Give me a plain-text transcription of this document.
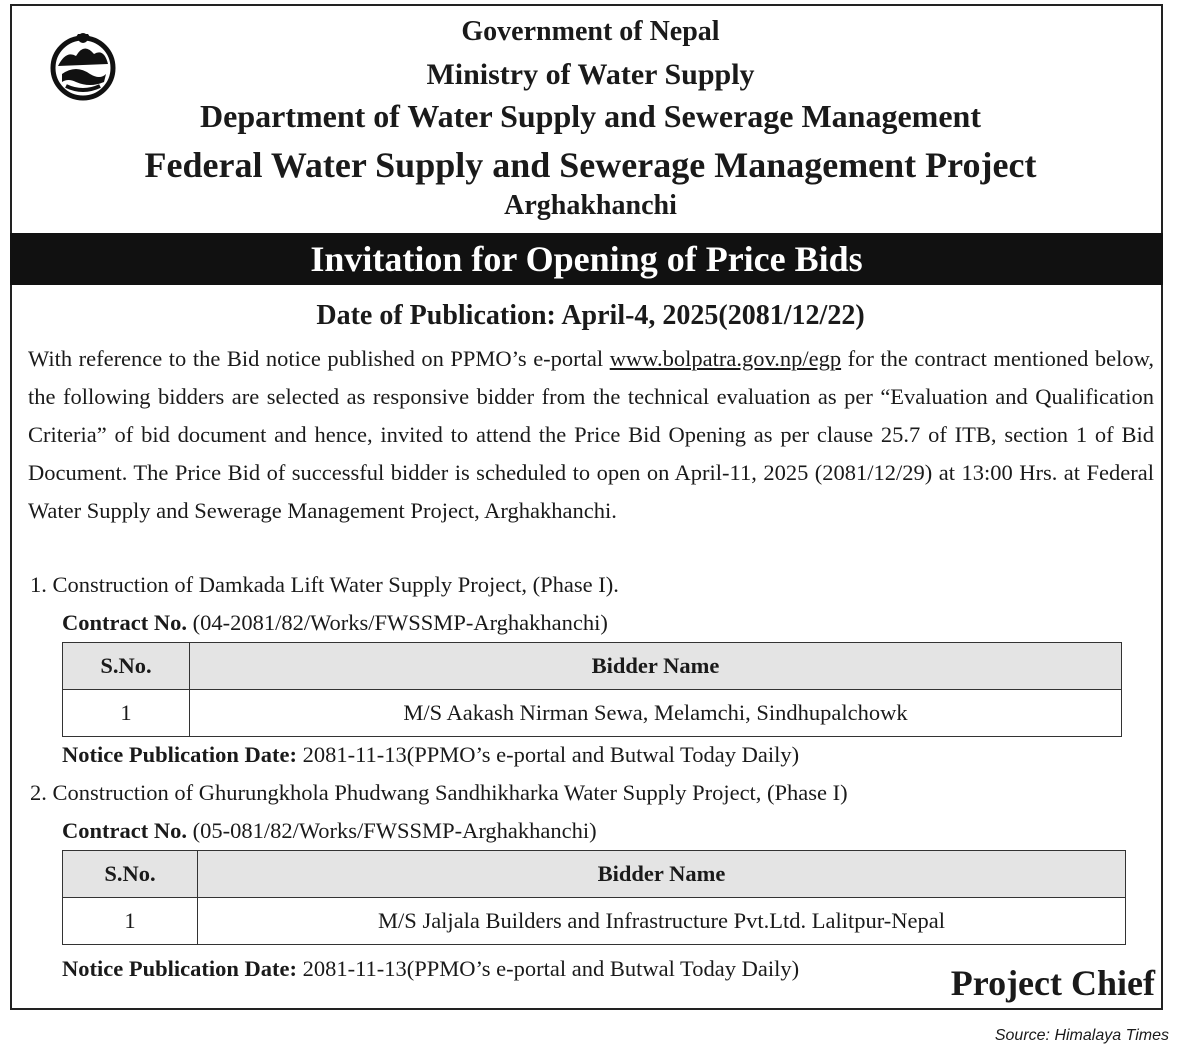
Government of Nepal
Ministry of Water Supply
Department of Water Supply and Sewerage Management
Federal Water Supply and Sewerage Management Project
Arghakhanchi
Invitation for Opening of Price Bids
Date of Publication: April-4, 2025(2081/12/22)
With reference to the Bid notice published on PPMO’s e-portal www.bolpatra.gov.np/egp for the contract mentioned below, the following bidders are selected as responsive bidder from the technical evaluation as per “Evaluation and Qualification Criteria” of bid document and hence, invited to attend the Price Bid Opening as per clause 25.7 of ITB, section 1 of Bid Document. The Price Bid of successful bidder is scheduled to open on April-11, 2025 (2081/12/29) at 13:00 Hrs. at Federal Water Supply and Sewerage Management Project, Arghakhanchi.
1. Construction of Damkada Lift Water Supply Project, (Phase I).
Contract No. (04-2081/82/Works/FWSSMP-Arghakhanchi)
S.No.	Bidder Name
1	M/S Aakash Nirman Sewa, Melamchi, Sindhupalchowk
Notice Publication Date: 2081-11-13(PPMO’s e-portal and Butwal Today Daily)
2. Construction of Ghurungkhola Phudwang Sandhikharka Water Supply Project, (Phase I)
Contract No. (05-081/82/Works/FWSSMP-Arghakhanchi)
S.No.	Bidder Name
1	M/S Jaljala Builders and Infrastructure Pvt.Ltd. Lalitpur-Nepal
Notice Publication Date: 2081-11-13(PPMO’s e-portal and Butwal Today Daily)	Project Chief
Source: Himalaya Times
